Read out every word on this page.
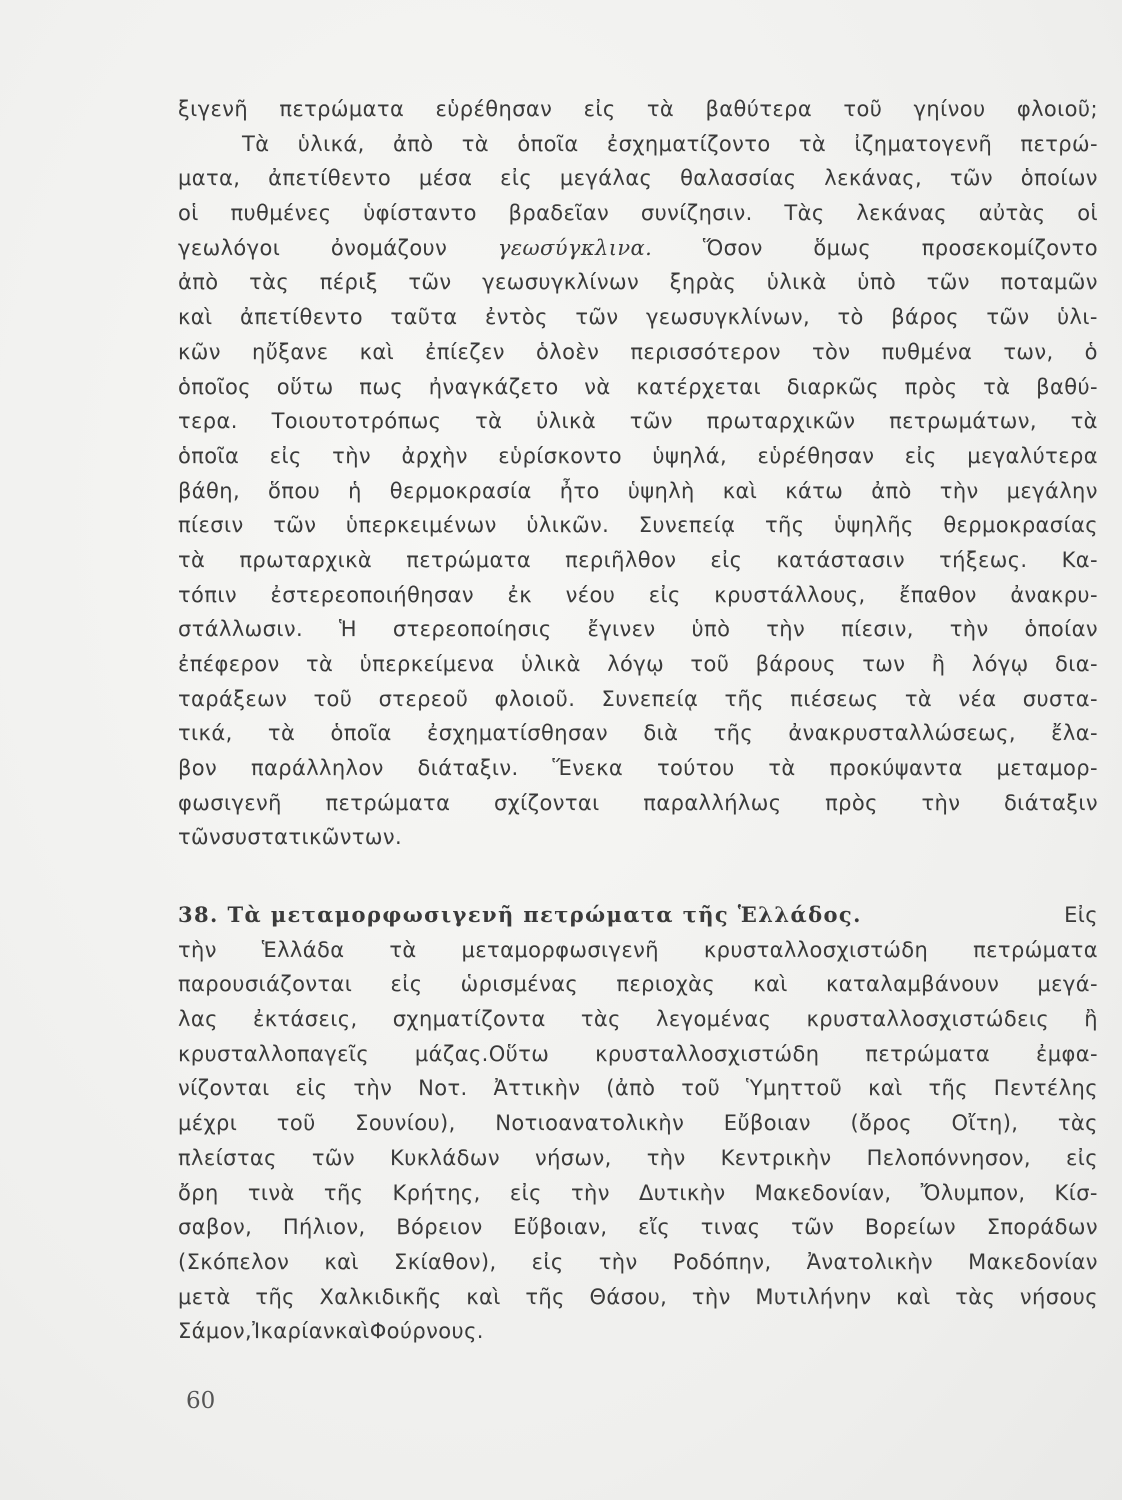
ξιγενῆ πετρώματα εὑρέθησαν εἰς τὰ βαθύτερα τοῦ γηίνου φλοιοῦ;
Τὰ ὑλικά, ἀπὸ τὰ ὁποῖα ἐσχηματίζοντο τὰ ἰζηματογενῆ πετρώ-
ματα, ἀπετίθεντο μέσα εἰς μεγάλας θαλασσίας λεκάνας, τῶν ὁποίων
οἱ πυθμένες ὑφίσταντο βραδεῖαν συνίζησιν. Τὰς λεκάνας αὐτὰς οἱ
γεωλόγοι ὀνομάζουν γεωσύγκλινα. Ὅσον ὅμως προσεκομίζοντο
ἀπὸ τὰς πέριξ τῶν γεωσυγκλίνων ξηρὰς ὑλικὰ ὑπὸ τῶν ποταμῶν
καὶ ἀπετίθεντο ταῦτα ἐντὸς τῶν γεωσυγκλίνων, τὸ βάρος τῶν ὑλι-
κῶν ηὔξανε καὶ ἐπίεζεν ὁλοὲν περισσότερον τὸν πυθμένα των, ὁ
ὁποῖος οὕτω πως ἠναγκάζετο νὰ κατέρχεται διαρκῶς πρὸς τὰ βαθύ-
τερα. Τοιουτοτρόπως τὰ ὑλικὰ τῶν πρωταρχικῶν πετρωμάτων, τὰ
ὁποῖα εἰς τὴν ἀρχὴν εὑρίσκοντο ὑψηλά, εὑρέθησαν εἰς μεγαλύτερα
βάθη, ὅπου ἡ θερμοκρασία ἦτο ὑψηλὴ καὶ κάτω ἀπὸ τὴν μεγάλην
πίεσιν τῶν ὑπερκειμένων ὑλικῶν. Συνεπείᾳ τῆς ὑψηλῆς θερμοκρασίας
τὰ πρωταρχικὰ πετρώματα περιῆλθον εἰς κατάστασιν τήξεως. Κα-
τόπιν ἐστερεοποιήθησαν ἐκ νέου εἰς κρυστάλλους, ἔπαθον ἀνακρυ-
στάλλωσιν. Ἡ στερεοποίησις ἔγινεν ὑπὸ τὴν πίεσιν, τὴν ὁποίαν
ἐπέφερον τὰ ὑπερκείμενα ὑλικὰ λόγῳ τοῦ βάρους των ἢ λόγῳ δια-
ταράξεων τοῦ στερεοῦ φλοιοῦ. Συνεπείᾳ τῆς πιέσεως τὰ νέα συστα-
τικά, τὰ ὁποῖα ἐσχηματίσθησαν διὰ τῆς ἀνακρυσταλλώσεως, ἔλα-
βον παράλληλον διάταξιν. Ἕνεκα τούτου τὰ προκύψαντα μεταμορ-
φωσιγενῆ πετρώματα σχίζονται παραλλήλως πρὸς τὴν διάταξιν
τῶν συστατικῶν των.
38. Τὰ μεταμορφωσιγενῆ πετρώματα τῆς Ἑλλάδος.	Εἰς
τὴν Ἑλλάδα τὰ μεταμορφωσιγενῆ κρυσταλλοσχιστώδη πετρώματα
παρουσιάζονται εἰς ὡρισμένας περιοχὰς καὶ καταλαμβάνουν μεγά-
λας ἐκτάσεις, σχηματίζοντα τὰς λεγομένας κρυσταλλοσχιστώδεις ἢ
κρυσταλλοπαγεῖς μάζας.Οὕτω κρυσταλλοσχιστώδη πετρώματα ἐμφα-
νίζονται εἰς τὴν Νοτ. Ἀττικὴν (ἀπὸ τοῦ Ὑμηττοῦ καὶ τῆς Πεντέλης
μέχρι τοῦ Σουνίου), Νοτιοανατολικὴν Εὔβοιαν (ὄρος Οἴτη), τὰς
πλείστας τῶν Κυκλάδων νήσων, τὴν Κεντρικὴν Πελοπόννησον, εἰς
ὄρη τινὰ τῆς Κρήτης, εἰς τὴν Δυτικὴν Μακεδονίαν, Ὄλυμπον, Κίσ-
σαβον, Πήλιον, Βόρειον Εὔβοιαν, εἴς τινας τῶν Βορείων Σποράδων
(Σκόπελον καὶ Σκίαθον), εἰς τὴν Ροδόπην, Ἀνατολικὴν Μακεδονίαν
μετὰ τῆς Χαλκιδικῆς καὶ τῆς Θάσου, τὴν Μυτιλήνην καὶ τὰς νήσους
Σάμον, Ἰκαρίαν καὶ Φούρνους.
60
